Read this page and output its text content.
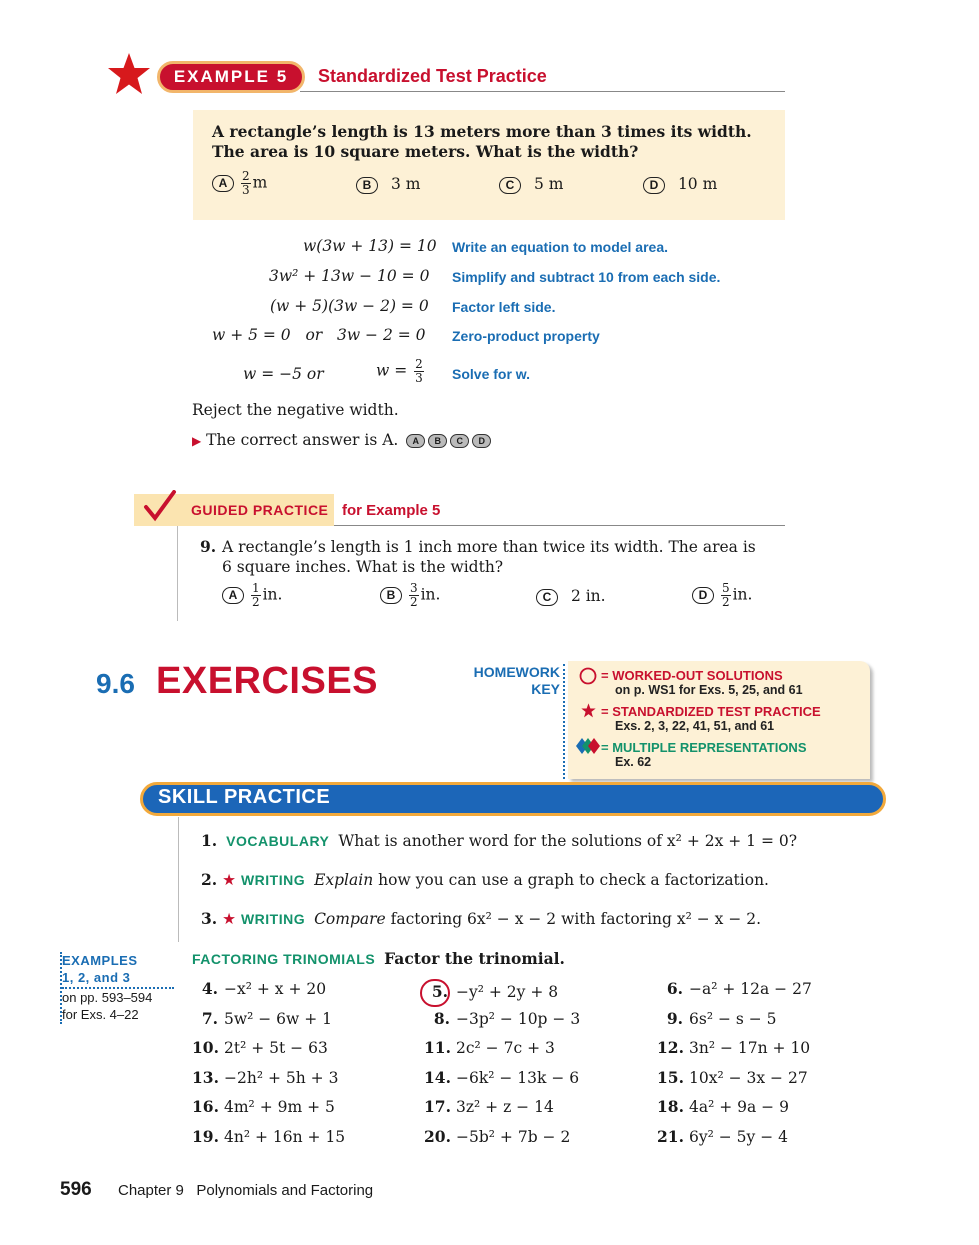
EXAMPLE 5	Standardized Test Practice
A rectangle’s length is 13 meters more than 3 times its width. The area is 10 square meters. What is the width?
A $\frac{2}{3}$ m	B 3 m	C 5 m	D 10 m
w(3w + 13) = 10 Write an equation to model area.
3w² + 13w − 10 = 0 Simplify and subtract 10 from each side.
(w + 5)(3w − 2) = 0 Factor left side.
w + 5 = 0   or   3w − 2 = 0 Zero-product property
w = −5 or	$w = \frac{2}{3}$ Solve for w.
Reject the negative width.
▶ The correct answer is A. A B C D
GUIDED PRACTICE for Example 5
9. A rectangle’s length is 1 inch more than twice its width. The area is 6 square inches. What is the width?
A $\frac{1}{2}$ in.	B $\frac{3}{2}$ in.	C 2 in.	D $\frac{5}{2}$ in.
9.6 EXERCISES	HOMEWORK
KEY
= WORKED-OUT SOLUTIONS
on p. WS1 for Exs. 5, 25, and 61
= STANDARDIZED TEST PRACTICE
Exs. 2, 3, 22, 41, 51, and 61
= MULTIPLE REPRESENTATIONS
Ex. 62
SKILL PRACTICE
1. VOCABULARY What is another word for the solutions of x² + 2x + 1 = 0?
2. ★ WRITING Explain how you can use a graph to check a factorization.
3. ★ WRITING Compare factoring 6x² − x − 2 with factoring x² − x − 2.
EXAMPLES
1, 2, and 3
on pp. 593–594
for Exs. 4–22
FACTORING TRINOMIALS Factor the trinomial.
4. −x² + x + 20	5. −y² + 2y + 8	6. −a² + 12a − 27
7. 5w² − 6w + 1	8. −3p² − 10p − 3	9. 6s² − s − 5
10. 2t² + 5t − 63	11. 2c² − 7c + 3	12. 3n² − 17n + 10
13. −2h² + 5h + 3	14. −6k² − 13k − 6	15. 10x² − 3x − 27
16. 4m² + 9m + 5	17. 3z² + z − 14	18. 4a² + 9a − 9
19. 4n² + 16n + 15	20. −5b² + 7b − 2	21. 6y² − 5y − 4
596 Chapter 9   Polynomials and Factoring
